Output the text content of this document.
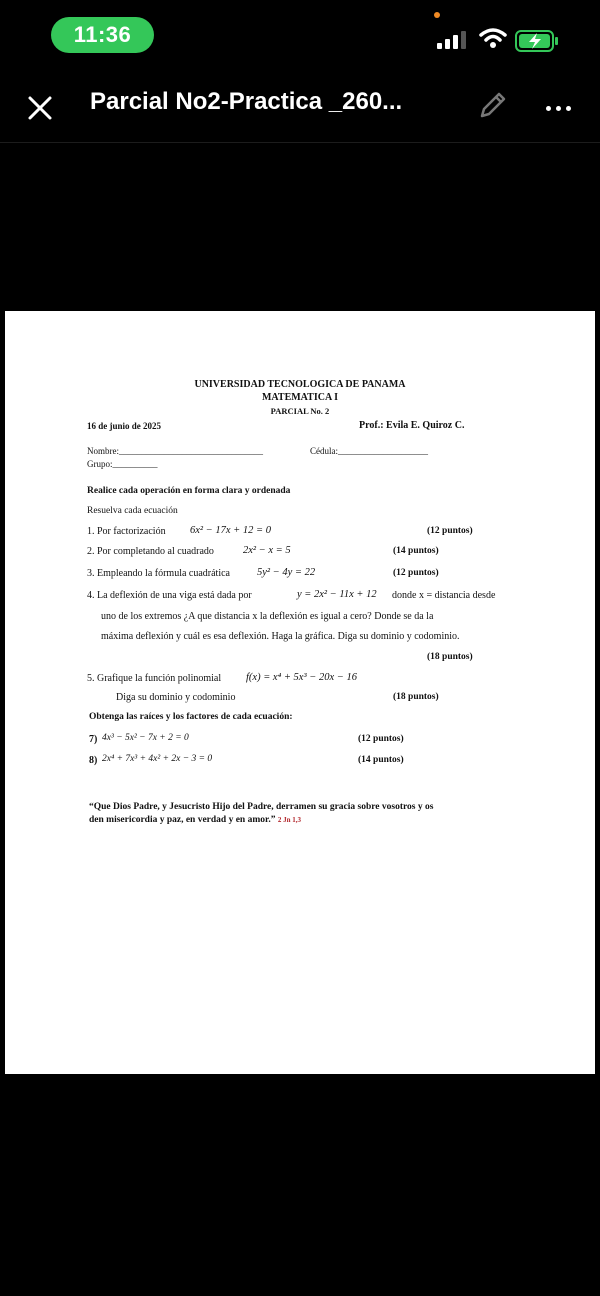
11:36
Parcial No2-Practica _260...
UNIVERSIDAD TECNOLOGICA DE PANAMA
MATEMATICA I
PARCIAL No. 2
16 de junio de 2025	Prof.: Evila E. Quiroz C.
Nombre:________________________________	Cédula:____________________
Grupo:__________
Realice cada operación en forma clara y ordenada
Resuelva cada ecuación
1. Por factorización 6x² − 17x + 12 = 0	(12 puntos)
2. Por completando al cuadrado	2x² − x = 5	(14 puntos)
3. Empleando la fórmula cuadrática	5y² − 4y = 22	(12 puntos)
4. La deflexión de una viga está dada por	y = 2x² − 11x + 12 donde x = distancia desde
uno de los extremos ¿A que distancia x la deflexión es igual a cero? Donde se da la
máxima deflexión y cuál es esa deflexión. Haga la gráfica. Diga su dominio y codominio.
(18 puntos)
5. Grafique la función polinomial f(x) = x⁴ + 5x³ − 20x − 16
Diga su dominio y codominio	(18 puntos)
Obtenga las raíces y los factores de cada ecuación:
7) 4x³ − 5x² − 7x + 2 = 0	(12 puntos)
8) 2x⁴ + 7x³ + 4x² + 2x − 3 = 0	(14 puntos)
“Que Dios Padre, y Jesucristo Hijo del Padre, derramen su gracia sobre vosotros y os
den misericordia y paz, en verdad y en amor.” 2 Jn 1,3
